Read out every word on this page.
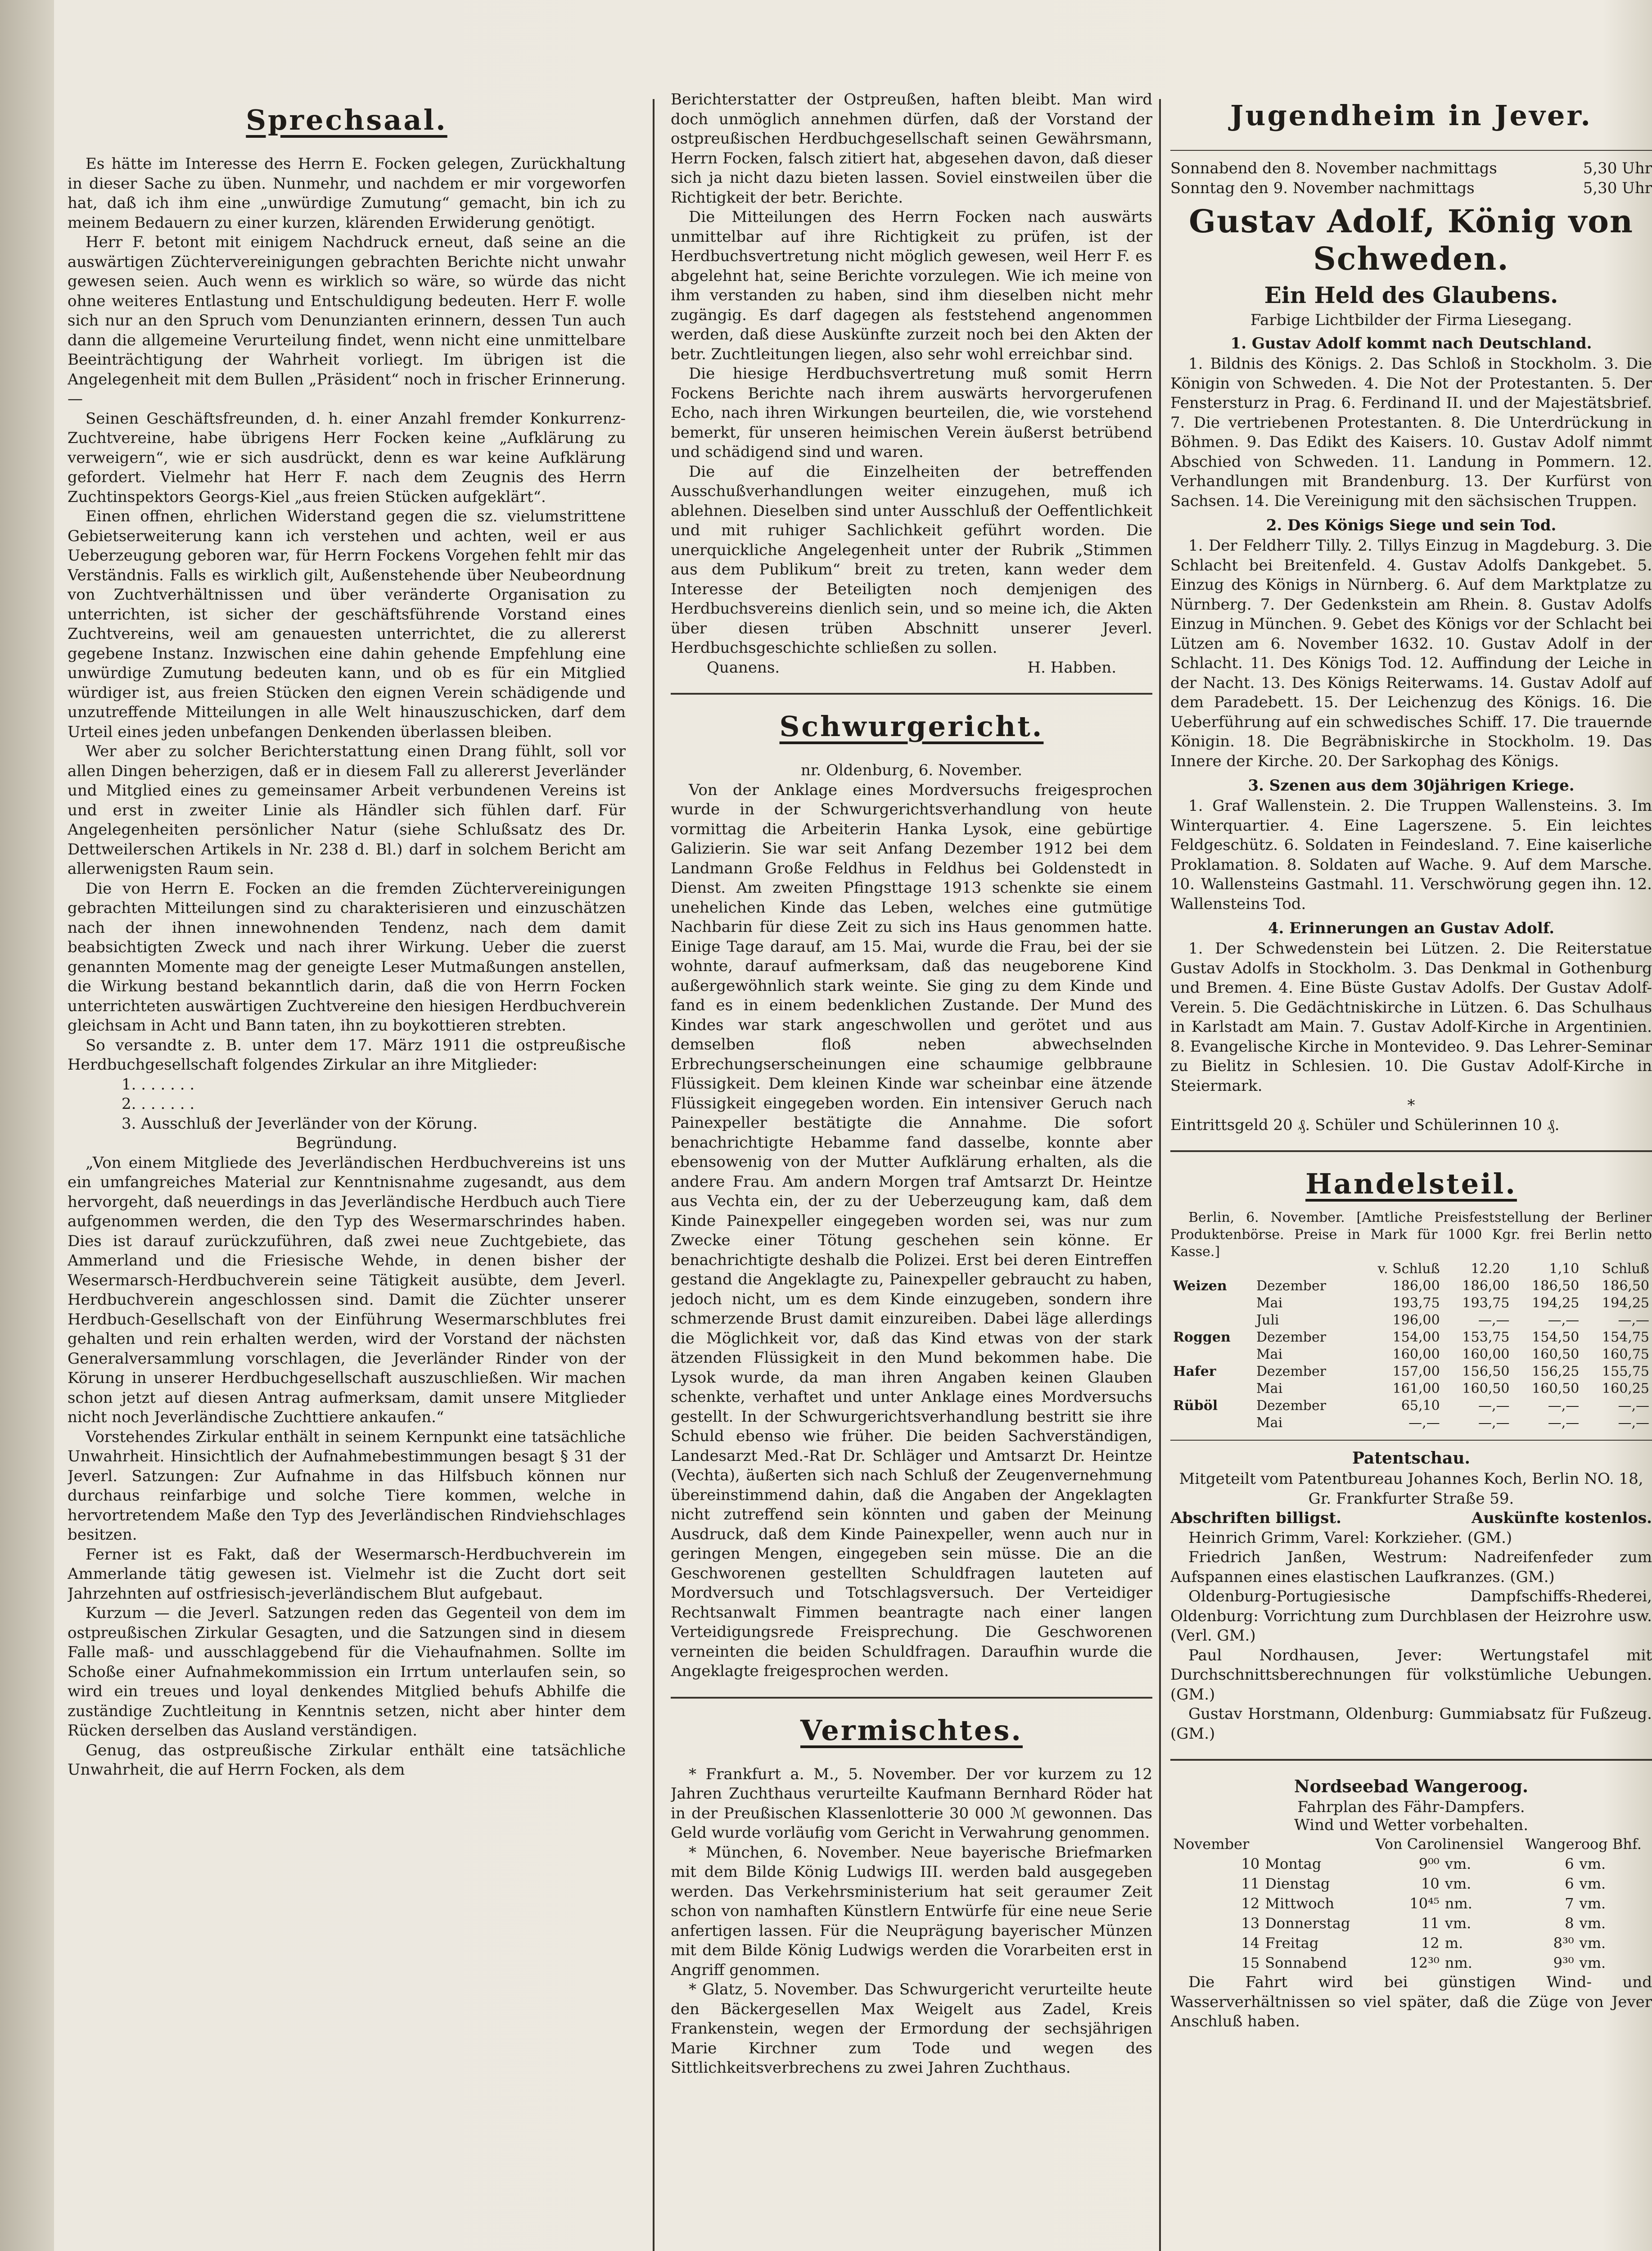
Sprechsaal.

Es hätte im Interesse des Herrn E. Focken gelegen, Zurückhaltung in dieser Sache zu üben. Nunmehr, und nachdem er mir vorgeworfen hat, daß ich ihm eine „unwürdige Zumutung“ gemacht, bin ich zu meinem Bedauern zu einer kurzen, klärenden Erwiderung genötigt.

Herr F. betont mit einigem Nachdruck erneut, daß seine an die auswärtigen Züchtervereinigungen gebrachten Berichte nicht unwahr gewesen seien. Auch wenn es wirklich so wäre, so würde das nicht ohne weiteres Entlastung und Entschuldigung bedeuten. Herr F. wolle sich nur an den Spruch vom Denunzianten erinnern, dessen Tun auch dann die allgemeine Verurteilung findet, wenn nicht eine unmittelbare Beeinträchtigung der Wahrheit vorliegt. Im übrigen ist die Angelegenheit mit dem Bullen „Präsident“ noch in frischer Erinnerung. —

Seinen Geschäftsfreunden, d. h. einer Anzahl fremder Konkurrenz-Zuchtvereine, habe übrigens Herr Focken keine „Aufklärung zu verweigern“, wie er sich ausdrückt, denn es war keine Aufklärung gefordert. Vielmehr hat Herr F. nach dem Zeugnis des Herrn Zuchtinspektors Georgs-Kiel „aus freien Stücken aufgeklärt“.

Einen offnen, ehrlichen Widerstand gegen die sz. vielumstrittene Gebietserweiterung kann ich verstehen und achten, weil er aus Ueberzeugung geboren war, für Herrn Fockens Vorgehen fehlt mir das Verständnis. Falls es wirklich gilt, Außenstehende über Neubeordnung von Zuchtverhältnissen und über veränderte Organisation zu unterrichten, ist sicher der geschäftsführende Vorstand eines Zuchtvereins, weil am genauesten unterrichtet, die zu allererst gegebene Instanz. Inzwischen eine dahin gehende Empfehlung eine unwürdige Zumutung bedeuten kann, und ob es für ein Mitglied würdiger ist, aus freien Stücken den eignen Verein schädigende und unzutreffende Mitteilungen in alle Welt hinauszuschicken, darf dem Urteil eines jeden unbefangen Denkenden überlassen bleiben.

Wer aber zu solcher Berichterstattung einen Drang fühlt, soll vor allen Dingen beherzigen, daß er in diesem Fall zu allererst Jeverländer und Mitglied eines zu gemeinsamer Arbeit verbundenen Vereins ist und erst in zweiter Linie als Händler sich fühlen darf. Für Angelegenheiten persönlicher Natur (siehe Schlußsatz des Dr. Dettweilerschen Artikels in Nr. 238 d. Bl.) darf in solchem Bericht am allerwenigsten Raum sein.

Die von Herrn E. Focken an die fremden Züchtervereinigungen gebrachten Mitteilungen sind zu charakterisieren und einzuschätzen nach der ihnen innewohnenden Tendenz, nach dem damit beabsichtigten Zweck und nach ihrer Wirkung. Ueber die zuerst genannten Momente mag der geneigte Leser Mutmaßungen anstellen, die Wirkung bestand bekanntlich darin, daß die von Herrn Focken unterrichteten auswärtigen Zuchtvereine den hiesigen Herdbuchverein gleichsam in Acht und Bann taten, ihn zu boykottieren strebten.

So versandte z. B. unter dem 17. März 1911 die ostpreußische Herdbuchgesellschaft folgendes Zirkular an ihre Mitglieder:

1. . . . . . .
2. . . . . . .
3. Ausschluß der Jeverländer von der Körung.

Begründung.

„Von einem Mitgliede des Jeverländischen Herdbuchvereins ist uns ein umfangreiches Material zur Kenntnisnahme zugesandt, aus dem hervorgeht, daß neuerdings in das Jeverländische Herdbuch auch Tiere aufgenommen werden, die den Typ des Wesermarschrindes haben. Dies ist darauf zurückzuführen, daß zwei neue Zuchtgebiete, das Ammerland und die Friesische Wehde, in denen bisher der Wesermarsch-Herdbuchverein seine Tätigkeit ausübte, dem Jeverl. Herdbuchverein angeschlossen sind. Damit die Züchter unserer Herdbuch-Gesellschaft von der Einführung Wesermarschblutes frei gehalten und rein erhalten werden, wird der Vorstand der nächsten Generalversammlung vorschlagen, die Jeverländer Rinder von der Körung in unserer Herdbuchgesellschaft auszuschließen. Wir machen schon jetzt auf diesen Antrag aufmerksam, damit unsere Mitglieder nicht noch Jeverländische Zuchttiere ankaufen.“

Vorstehendes Zirkular enthält in seinem Kernpunkt eine tatsächliche Unwahrheit. Hinsichtlich der Aufnahmebestimmungen besagt § 31 der Jeverl. Satzungen: Zur Aufnahme in das Hilfsbuch können nur durchaus reinfarbige und solche Tiere kommen, welche in hervortretendem Maße den Typ des Jeverländischen Rindviehschlages besitzen.

Ferner ist es Fakt, daß der Wesermarsch-Herdbuchverein im Ammerlande tätig gewesen ist. Vielmehr ist die Zucht dort seit Jahrzehnten auf ostfriesisch-jeverländischem Blut aufgebaut.

Kurzum — die Jeverl. Satzungen reden das Gegenteil von dem im ostpreußischen Zirkular Gesagten, und die Satzungen sind in diesem Falle maß- und ausschlaggebend für die Viehaufnahmen. Sollte im Schoße einer Aufnahmekommission ein Irrtum unterlaufen sein, so wird ein treues und loyal denkendes Mitglied behufs Abhilfe die zuständige Zuchtleitung in Kenntnis setzen, nicht aber hinter dem Rücken derselben das Ausland verständigen.

Genug, das ostpreußische Zirkular enthält eine tatsächliche Unwahrheit, die auf Herrn Focken, als dem

Berichterstatter der Ostpreußen, haften bleibt. Man wird doch unmöglich annehmen dürfen, daß der Vorstand der ostpreußischen Herdbuchgesellschaft seinen Gewährsmann, Herrn Focken, falsch zitiert hat, abgesehen davon, daß dieser sich ja nicht dazu bieten lassen. Soviel einstweilen über die Richtigkeit der betr. Berichte.

Die Mitteilungen des Herrn Focken nach auswärts unmittelbar auf ihre Richtigkeit zu prüfen, ist der Herdbuchsvertretung nicht möglich gewesen, weil Herr F. es abgelehnt hat, seine Berichte vorzulegen. Wie ich meine von ihm verstanden zu haben, sind ihm dieselben nicht mehr zugängig. Es darf dagegen als feststehend angenommen werden, daß diese Auskünfte zurzeit noch bei den Akten der betr. Zuchtleitungen liegen, also sehr wohl erreichbar sind.

Die hiesige Herdbuchsvertretung muß somit Herrn Fockens Berichte nach ihrem auswärts hervorgerufenen Echo, nach ihren Wirkungen beurteilen, die, wie vorstehend bemerkt, für unseren heimischen Verein äußerst betrübend und schädigend sind und waren.

Die auf die Einzelheiten der betreffenden Ausschußverhandlungen weiter einzugehen, muß ich ablehnen. Dieselben sind unter Ausschluß der Oeffentlichkeit und mit ruhiger Sachlichkeit geführt worden. Die unerquickliche Angelegenheit unter der Rubrik „Stimmen aus dem Publikum“ breit zu treten, kann weder dem Interesse der Beteiligten noch demjenigen des Herdbuchsvereins dienlich sein, und so meine ich, die Akten über diesen trüben Abschnitt unserer Jeverl. Herdbuchsgeschichte schließen zu sollen.

Quanens.	H. Habben.
Schwurgericht.

nr. Oldenburg, 6. November.

Von der Anklage eines Mordversuchs freigesprochen wurde in der Schwurgerichtsverhandlung von heute vormittag die Arbeiterin Hanka Lysok, eine gebürtige Galizierin. Sie war seit Anfang Dezember 1912 bei dem Landmann Große Feldhus in Feldhus bei Goldenstedt in Dienst. Am zweiten Pfingsttage 1913 schenkte sie einem unehelichen Kinde das Leben, welches eine gutmütige Nachbarin für diese Zeit zu sich ins Haus genommen hatte. Einige Tage darauf, am 15. Mai, wurde die Frau, bei der sie wohnte, darauf aufmerksam, daß das neugeborene Kind außergewöhnlich stark weinte. Sie ging zu dem Kinde und fand es in einem bedenklichen Zustande. Der Mund des Kindes war stark angeschwollen und gerötet und aus demselben floß neben abwechselnden Erbrechungserscheinungen eine schaumige gelbbraune Flüssigkeit. Dem kleinen Kinde war scheinbar eine ätzende Flüssigkeit eingegeben worden. Ein intensiver Geruch nach Painexpeller bestätigte die Annahme. Die sofort benachrichtigte Hebamme fand dasselbe, konnte aber ebensowenig von der Mutter Aufklärung erhalten, als die andere Frau. Am andern Morgen traf Amtsarzt Dr. Heintze aus Vechta ein, der zu der Ueberzeugung kam, daß dem Kinde Painexpeller eingegeben worden sei, was nur zum Zwecke einer Tötung geschehen sein könne. Er benachrichtigte deshalb die Polizei. Erst bei deren Eintreffen gestand die Angeklagte zu, Painexpeller gebraucht zu haben, jedoch nicht, um es dem Kinde einzugeben, sondern ihre schmerzende Brust damit einzureiben. Dabei läge allerdings die Möglichkeit vor, daß das Kind etwas von der stark ätzenden Flüssigkeit in den Mund bekommen habe. Die Lysok wurde, da man ihren Angaben keinen Glauben schenkte, verhaftet und unter Anklage eines Mordversuchs gestellt. In der Schwurgerichtsverhandlung bestritt sie ihre Schuld ebenso wie früher. Die beiden Sachverständigen, Landesarzt Med.-Rat Dr. Schläger und Amtsarzt Dr. Heintze (Vechta), äußerten sich nach Schluß der Zeugenvernehmung übereinstimmend dahin, daß die Angaben der Angeklagten nicht zutreffend sein könnten und gaben der Meinung Ausdruck, daß dem Kinde Painexpeller, wenn auch nur in geringen Mengen, eingegeben sein müsse. Die an die Geschworenen gestellten Schuldfragen lauteten auf Mordversuch und Totschlagsversuch. Der Verteidiger Rechtsanwalt Fimmen beantragte nach einer langen Verteidigungsrede Freisprechung. Die Geschworenen verneinten die beiden Schuldfragen. Daraufhin wurde die Angeklagte freigesprochen werden.

Vermischtes.

* Frankfurt a. M., 5. November. Der vor kurzem zu 12 Jahren Zuchthaus verurteilte Kaufmann Bernhard Röder hat in der Preußischen Klassenlotterie 30 000 ℳ gewonnen. Das Geld wurde vorläufig vom Gericht in Verwahrung genommen.

* München, 6. November. Neue bayerische Briefmarken mit dem Bilde König Ludwigs III. werden bald ausgegeben werden. Das Verkehrsministerium hat seit geraumer Zeit schon von namhaften Künstlern Entwürfe für eine neue Serie anfertigen lassen. Für die Neuprägung bayerischer Münzen mit dem Bilde König Ludwigs werden die Vorarbeiten erst in Angriff genommen.

* Glatz, 5. November. Das Schwurgericht verurteilte heute den Bäckergesellen Max Weigelt aus Zadel, Kreis Frankenstein, wegen der Ermordung der sechsjährigen Marie Kirchner zum Tode und wegen des Sittlichkeitsverbrechens zu zwei Jahren Zuchthaus.

Jugendheim in Jever.
Sonnabend den 8. November nachmittags	5,30 Uhr
Sonntag den 9. November nachmittags	5,30 Uhr
Gustav Adolf, König von Schweden.
Ein Held des Glaubens.
Farbige Lichtbilder der Firma Liesegang.
1. Gustav Adolf kommt nach Deutschland.

1. Bildnis des Königs. 2. Das Schloß in Stockholm. 3. Die Königin von Schweden. 4. Die Not der Protestanten. 5. Der Fenstersturz in Prag. 6. Ferdinand II. und der Majestätsbrief. 7. Die vertriebenen Protestanten. 8. Die Unterdrückung in Böhmen. 9. Das Edikt des Kaisers. 10. Gustav Adolf nimmt Abschied von Schweden. 11. Landung in Pommern. 12. Verhandlungen mit Brandenburg. 13. Der Kurfürst von Sachsen. 14. Die Vereinigung mit den sächsischen Truppen.

2. Des Königs Siege und sein Tod.

1. Der Feldherr Tilly. 2. Tillys Einzug in Magdeburg. 3. Die Schlacht bei Breitenfeld. 4. Gustav Adolfs Dankgebet. 5. Einzug des Königs in Nürnberg. 6. Auf dem Marktplatze zu Nürnberg. 7. Der Gedenkstein am Rhein. 8. Gustav Adolfs Einzug in München. 9. Gebet des Königs vor der Schlacht bei Lützen am 6. November 1632. 10. Gustav Adolf in der Schlacht. 11. Des Königs Tod. 12. Auffindung der Leiche in der Nacht. 13. Des Königs Reiterwams. 14. Gustav Adolf auf dem Paradebett. 15. Der Leichenzug des Königs. 16. Die Ueberführung auf ein schwedisches Schiff. 17. Die trauernde Königin. 18. Die Begräbniskirche in Stockholm. 19. Das Innere der Kirche. 20. Der Sarkophag des Königs.

3. Szenen aus dem 30jährigen Kriege.

1. Graf Wallenstein. 2. Die Truppen Wallensteins. 3. Im Winterquartier. 4. Eine Lagerszene. 5. Ein leichtes Feldgeschütz. 6. Soldaten in Feindesland. 7. Eine kaiserliche Proklamation. 8. Soldaten auf Wache. 9. Auf dem Marsche. 10. Wallensteins Gastmahl. 11. Verschwörung gegen ihn. 12. Wallensteins Tod.

4. Erinnerungen an Gustav Adolf.

1. Der Schwedenstein bei Lützen. 2. Die Reiterstatue Gustav Adolfs in Stockholm. 3. Das Denkmal in Gothenburg und Bremen. 4. Eine Büste Gustav Adolfs. Der Gustav Adolf-Verein. 5. Die Gedächtniskirche in Lützen. 6. Das Schulhaus in Karlstadt am Main. 7. Gustav Adolf-Kirche in Argentinien. 8. Evangelische Kirche in Montevideo. 9. Das Lehrer-Seminar zu Bielitz in Schlesien. 10. Die Gustav Adolf-Kirche in Steiermark.

*

Eintrittsgeld 20 ₰. Schüler und Schülerinnen 10 ₰.

Handelsteil.

Berlin, 6. November. [Amtliche Preisfeststellung der Berliner Produktenbörse. Preise in Mark für 1000 Kgr. frei Berlin netto Kasse.]

		v. Schluß	12.20	1,10	Schluß
Weizen	Dezember	186,00	186,00	186,50	186,50
	Mai	193,75	193,75	194,25	194,25
	Juli	196,00	—,—	—,—	—,—
Roggen	Dezember	154,00	153,75	154,50	154,75
	Mai	160,00	160,00	160,50	160,75
Hafer	Dezember	157,00	156,50	156,25	155,75
	Mai	161,00	160,50	160,50	160,25
Rüböl	Dezember	65,10	—,—	—,—	—,—
	Mai	—,—	—,—	—,—	—,—
Patentschau.

Mitgeteilt vom Patentbureau Johannes Koch, Berlin NO. 18, Gr. Frankfurter Straße 59.

Abschriften billigst.	Auskünfte kostenlos.

Heinrich Grimm, Varel: Korkzieher. (GM.)

Friedrich Janßen, Westrum: Nadreifenfeder zum Aufspannen eines elastischen Laufkranzes. (GM.)

Oldenburg-Portugiesische Dampfschiffs-Rhederei, Oldenburg: Vorrichtung zum Durchblasen der Heizrohre usw. (Verl. GM.)

Paul Nordhausen, Jever: Wertungstafel mit Durchschnittsberechnungen für volkstümliche Uebungen. (GM.)

Gustav Horstmann, Oldenburg: Gummiabsatz für Fußzeug. (GM.)

Nordseebad Wangeroog.
Fahrplan des Fähr-Dampfers.
Wind und Wetter vorbehalten.
November		Von Carolinensiel		Wangeroog Bhf.	
10	Montag	9⁰⁰	vm.	6	vm.
11	Dienstag	10	vm.	6	vm.
12	Mittwoch	10⁴⁵	nm.	7	vm.
13	Donnerstag	11	vm.	8	vm.
14	Freitag	12	m.	8³⁰	vm.
15	Sonnabend	12³⁰	nm.	9³⁰	vm.

Die Fahrt wird bei günstigen Wind- und Wasserverhältnissen so viel später, daß die Züge von Jever Anschluß haben.
